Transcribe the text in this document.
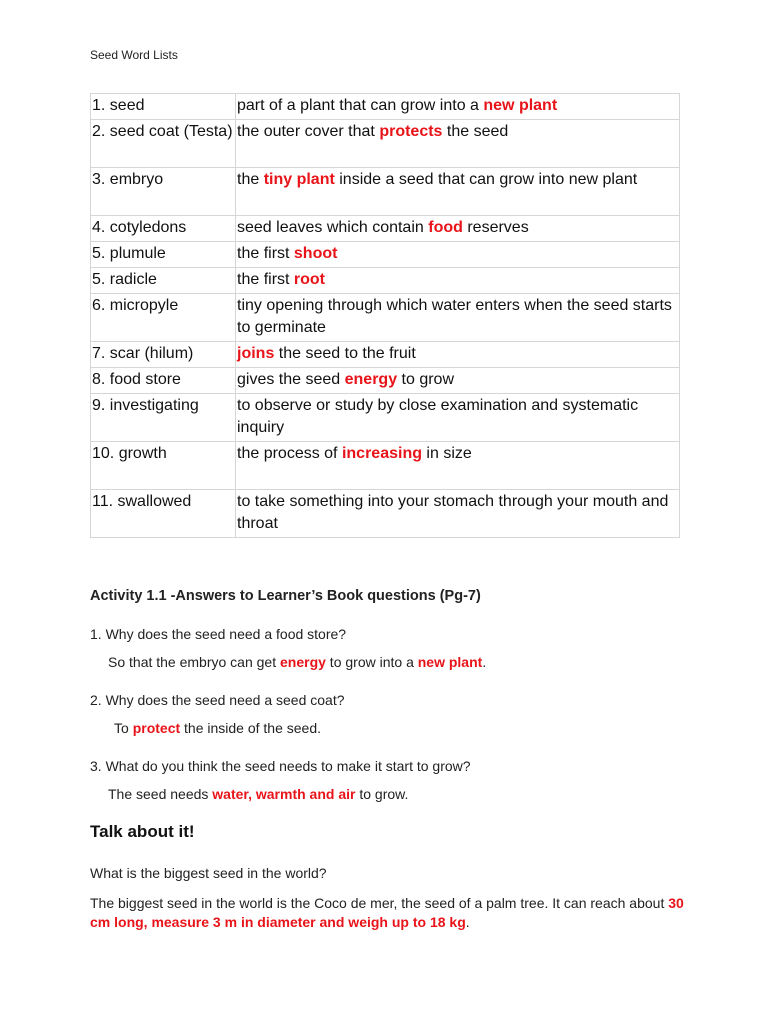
Seed Word Lists
1. seed	part of a plant that can grow into a new plant
2. seed coat (Testa)	the outer cover that protects the seed
3. embryo	the tiny plant inside a seed that can grow into new plant
4. cotyledons	seed leaves which contain food reserves
5. plumule	the first shoot
5. radicle	the first root
6. micropyle	tiny opening through which water enters when the seed starts to germinate
7. scar (hilum)	joins the seed to the fruit
8. food store	gives the seed energy to grow
9. investigating	to observe or study by close examination and systematic inquiry
10. growth	the process of increasing in size
11. swallowed	to take something into your stomach through your mouth and throat
Activity 1.1 -Answers to Learner’s Book questions (Pg-7)
1. Why does the seed need a food store?
So that the embryo can get energy to grow into a new plant.
2. Why does the seed need a seed coat?
To protect the inside of the seed.
3. What do you think the seed needs to make it start to grow?
The seed needs water, warmth and air to grow.
Talk about it!
What is the biggest seed in the world?
The biggest seed in the world is the Coco de mer, the seed of a palm tree. It can reach about 30 cm long, measure 3 m in diameter and weigh up to 18 kg.
